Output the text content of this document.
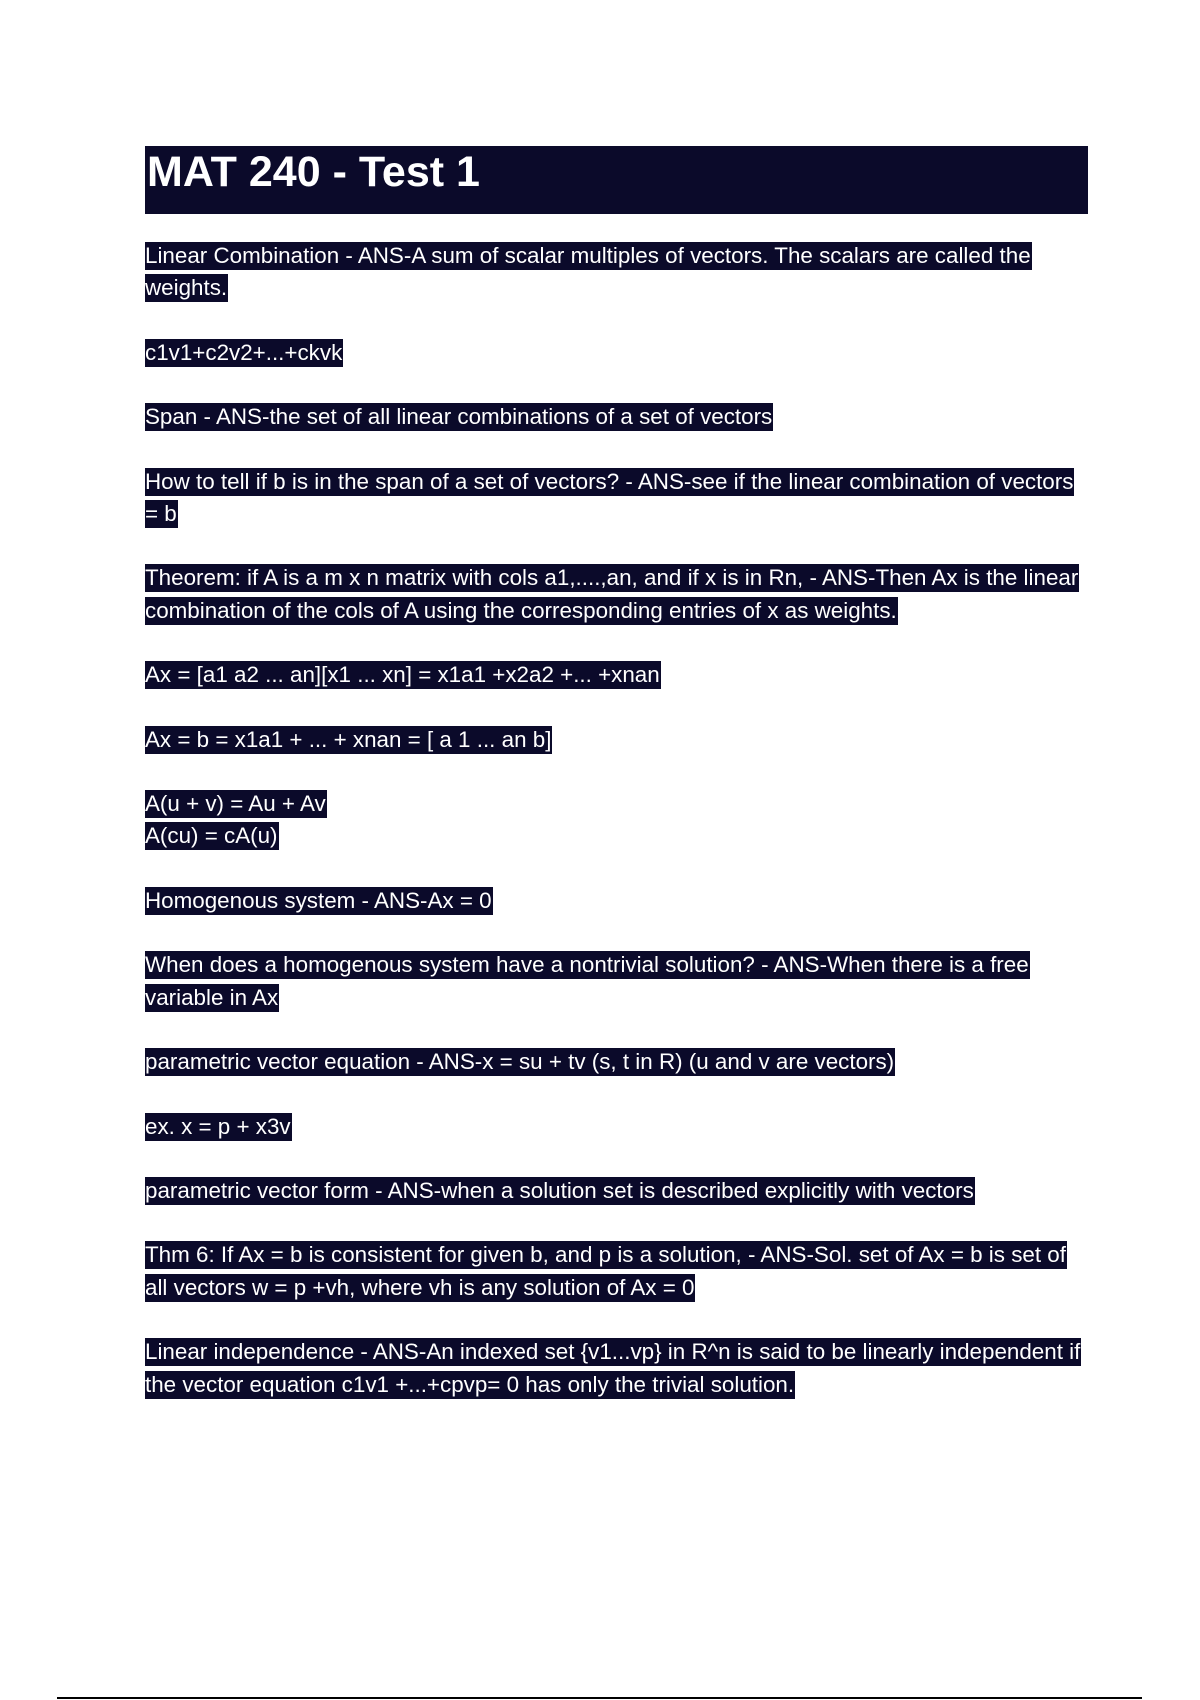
MAT 240 - Test 1

Linear Combination - ANS-A sum of scalar multiples of vectors. The scalars are called the weights.

c1v1+c2v2+...+ckvk

Span - ANS-the set of all linear combinations of a set of vectors

How to tell if b is in the span of a set of vectors? - ANS-see if the linear combination of vectors = b

Theorem: if A is a m x n matrix with cols a1,....,an, and if x is in Rn, - ANS-Then Ax is the linear combination of the cols of A using the corresponding entries of x as weights.

Ax = [a1 a2 ... an][x1 ... xn] = x1a1 +x2a2 +... +xnan

Ax = b = x1a1 + ... + xnan = [ a 1 ... an b]

A(u + v) = Au + Av
A(cu) = cA(u)

Homogenous system - ANS-Ax = 0

When does a homogenous system have a nontrivial solution? - ANS-When there is a free variable in Ax

parametric vector equation - ANS-x = su + tv (s, t in R) (u and v are vectors)

ex. x = p + x3v

parametric vector form - ANS-when a solution set is described explicitly with vectors

Thm 6: If Ax = b is consistent for given b, and p is a solution, - ANS-Sol. set of Ax = b is set of all vectors w = p +vh, where vh is any solution of Ax = 0

Linear independence - ANS-An indexed set {v1...vp} in R^n is said to be linearly independent if the vector equation c1v1 +...+cpvp= 0 has only the trivial solution.
